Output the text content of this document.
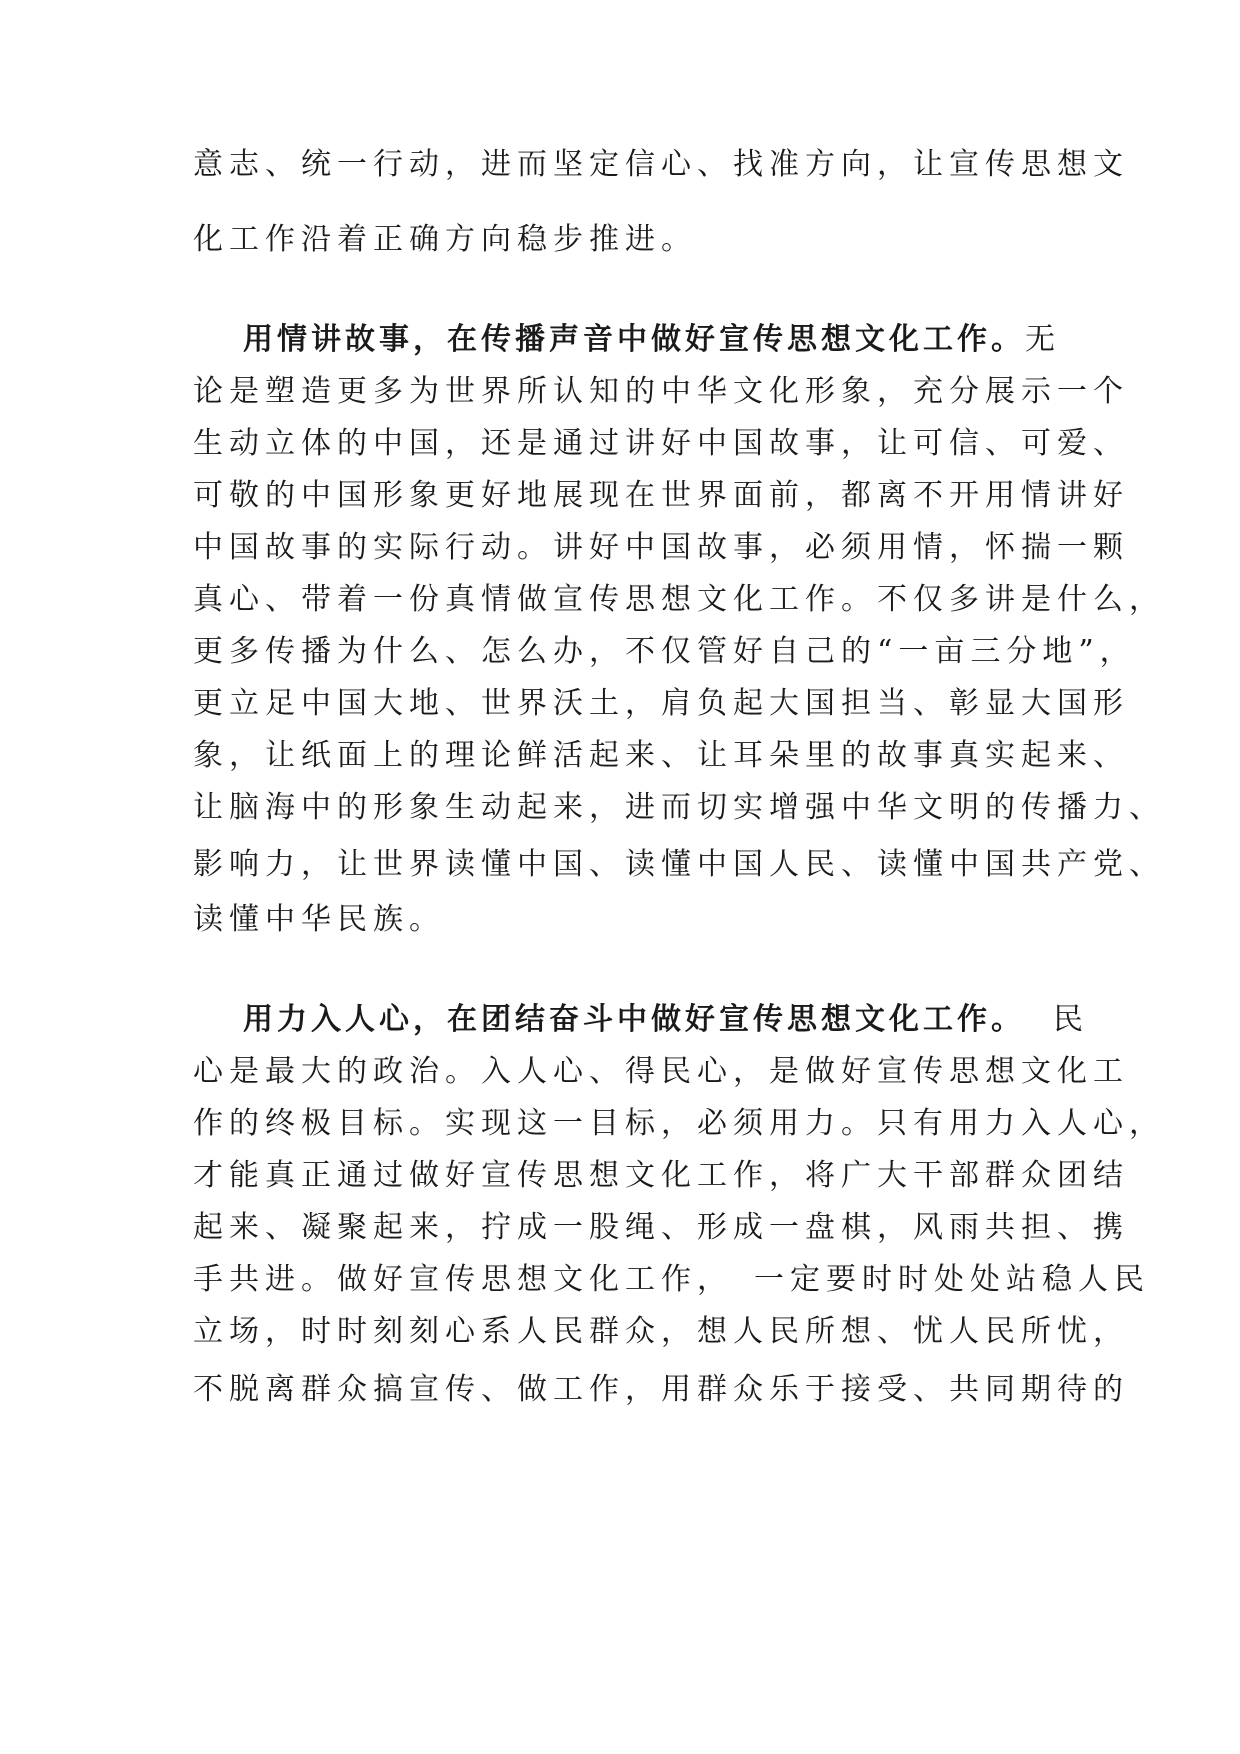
意志、统一行动，进而坚定信心、找准方向，让宣传思想文
化工作沿着正确方向稳步推进。
用情讲故事，在传播声音中做好宣传思想文化工作。无
论是塑造更多为世界所认知的中华文化形象，充分展示一个
生动立体的中国，还是通过讲好中国故事，让可信、可爱、
可敬的中国形象更好地展现在世界面前，都离不开用情讲好
中国故事的实际行动。讲好中国故事，必须用情，怀揣一颗
真心、带着一份真情做宣传思想文化工作。不仅多讲是什么，
更多传播为什么、怎么办，不仅管好自己的“一亩三分地”，
更立足中国大地、世界沃土，肩负起大国担当、彰显大国形
象，让纸面上的理论鲜活起来、让耳朵里的故事真实起来、
让脑海中的形象生动起来，进而切实增强中华文明的传播力、
影响力，让世界读懂中国、读懂中国人民、读懂中国共产党、
读懂中华民族。
用力入人心，在团结奋斗中做好宣传思想文化工作。 民
心是最大的政治。入人心、得民心，是做好宣传思想文化工
作的终极目标。实现这一目标，必须用力。只有用力入人心，
才能真正通过做好宣传思想文化工作，将广大干部群众团结
起来、凝聚起来，拧成一股绳、形成一盘棋，风雨共担、携
手共进。做好宣传思想文化工作，　一定要时时处处站稳人民
立场，时时刻刻心系人民群众，想人民所想、忧人民所忧，
不脱离群众搞宣传、做工作，用群众乐于接受、共同期待的
